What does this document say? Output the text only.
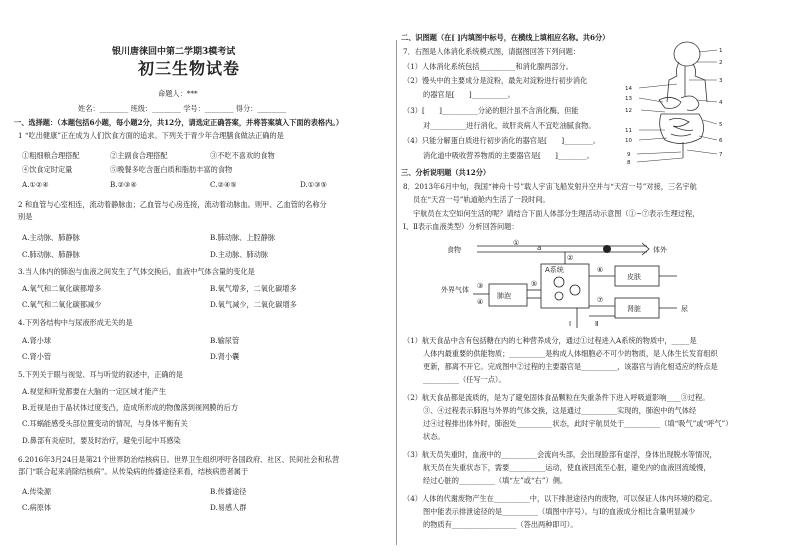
银川唐徕回中第二学期3模考试
初三生物试卷
命题人：***
姓名：________ 班级：________ 学号：________ 得分：________
一、选择题：（本题包括6小题，每小题2分，共12分，请选定正确答案，并将答案填入下面的表格内。）
1 “吃出健康”正在成为人们饮食方面的追求。下列关于青少年合理膳食做法正确的是
①粗细粮合理搭配	②主副食合理搭配	③不吃不喜欢的食物
④饮食定时定量	⑤晚餐多吃含蛋白质和脂肪丰富的食物
A.①②④	B.②③④	C.②④⑤	D.①③⑤
2 和血管与心室相连，流动着静脉血；乙血管与心房连接，流动着动脉血。则甲、乙血管的名称分
别是
A.主动脉、肺静脉	B.肺动脉、上腔静脉
C.肺动脉、肺静脉	D.主动脉、肺动脉
3.当人体内的肺泡与血液之间发生了气体交换后，血液中气体含量的变化是
A.氧气和二氧化碳都增多	B.氧气增多，二氧化碳增多
C.氧气和二氧化碳都减少	D.氧气减少，二氧化碳增多
4.下列各结构中与尿液形成无关的是
A.肾小球	B.输尿管
C.肾小管	D.肾小囊
5.下列关于眼与视觉、耳与听觉的叙述中，正确的是
A.视觉和听觉都要在大脑的一定区域才能产生
B.近视是由于晶状体过度变凸，造成所形成的物像落到视网膜的后方
C.耳蜗能感受头部位置变动的情况，与身体平衡有关
D.鼻部有炎症时，要及时治疗，避免引起中耳感染
6.2016年3月24日是第21个世界防治结核病日。世界卫生组织呼吁各国政府、社区、民间社会和私营
部门“联合起来消除结核病”。从传染病的传播途径来看，结核病患者属于
A.传染源	B.传播途径
C.病原体	D.易感人群
二、识图题（在[ ]内填图中标号，在横线上填相应名称。共6分）
7．右图是人体消化系统模式图，请据图回答下列问题：
（1）人体消化系统包括__________和消化腺两部分。
（2）馒头中的主要成分是淀粉，最先对淀粉进行初步消化
的器官是[　　]__________。
（3）[　　]__________分泌的胆汁虽不含消化酶，但能
对__________进行消化，故肝炎病人不宜吃油腻食物。
（4）只能分解蛋白质进行初步消化的器官是[　　]________。
消化道中吸收营养物质的主要器官是[　　]________。
1
2
3
4
5
6
7
8
9
10
11
12
13
14
三、分析说明题（共12分）
8．2013年6月中旬，我国“神舟十号”载人宇宙飞船发射升空并与“天宫一号”对接，三名宇航
员在“天宫一号”轨道舱内生活了一段时间。
宇航员在太空如何生活的呢？请结合下面人体部分生理活动示意图（①~⑦表示生理过程，
Ⅰ、Ⅱ表示血液类型）分析回答问题：
食物	体外
A系统
肺泡
皮肤
肾脏	尿
外界气体
a
①
②
③
④
⑤
⑥
⑦
Ⅰ	Ⅱ
（1）航天食品中含有包括糖在内的七种营养成分，通过①过程进入A系统的物质中，_____是
人体内最重要的供能物质；__________是构成人体细胞必不可少的物质，是人体生长发育组织
更新，都离不开它。完成图中②过程的主要器官是__________，该器官与消化相适应的特点是
__________（任写一点）。
（2）航天食品都是流质的，是为了避免固体食品颗粒在失重条件下进入呼吸道影响____③过程。
③、④过程表示肺泡与外界的气体交换，这是通过__________实现的，肺泡中的气体经
过④过程排出体外时，肺泡处__________状态，此时宇航员处于__________（填“吸气”或“呼气”）
状态。
（3）航天员失重时，血液中的__________会流向头部，会出现脸部有虚浮，身体出现脱水等情况，
航天员在失重状态下，需要__________运动，使血液回流至心脏，避免内的血液回流缓慢，
经过心脏的__________（填“左”或“右”）侧。
（4）人体的代谢废物产生在__________中，以下排泄途径内的废物，可以保证人体内环境的稳定。
图中能表示排泄途径的是__________（填图中序号）。与Ⅰ的血液成分相比含量明显减少
的物质有__________________（答出两种即可）。
